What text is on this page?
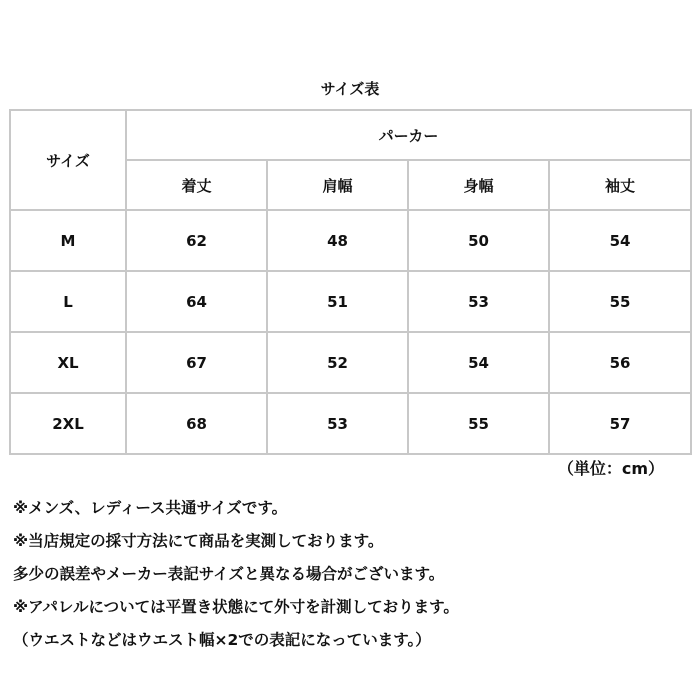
サイズ表
サイズ	パーカー			
	着丈	肩幅	身幅	袖丈
M	62	48	50	54
L	64	51	53	55
XL	67	52	54	56
2XL	68	53	55	57
（単位：cm）
※メンズ、レディース共通サイズです。
※当店規定の採寸方法にて商品を実測しております。
多少の誤差やメーカー表記サイズと異なる場合がございます。
※アパレルについては平置き状態にて外寸を計測しております。
（ウエストなどはウエスト幅×2での表記になっています。）
